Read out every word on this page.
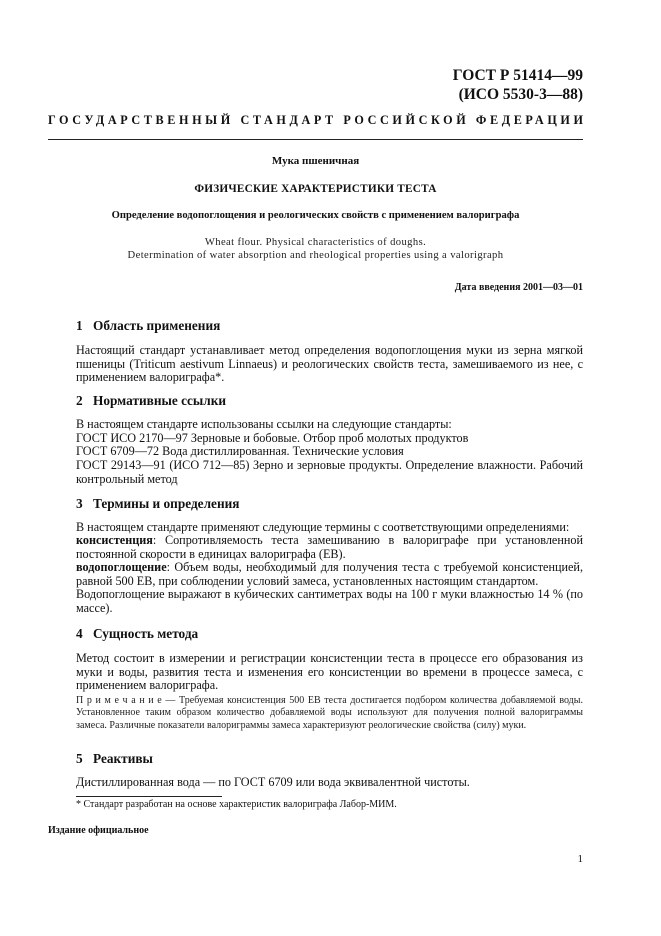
ГОСТ Р 51414—99
(ИСО 5530-3—88)
ГОСУДАРСТВЕННЫЙ СТАНДАРТ РОССИЙСКОЙ ФЕДЕРАЦИИ
Мука пшеничная
ФИЗИЧЕСКИЕ ХАРАКТЕРИСТИКИ ТЕСТА
Определение водопоглощения и реологических свойств с применением валориграфа
Wheat flour. Physical characteristics of doughs.
Determination of water absorption and rheological properties using a valorigraph
Дата введения 2001—03—01
1 Область применения
Настоящий стандарт устанавливает метод определения водопоглощения муки из зерна мягкой пшеницы (Triticum aestivum Linnaeus) и реологических свойств теста, замешиваемого из нее, с применением валориграфа*.
2 Нормативные ссылки
В настоящем стандарте использованы ссылки на следующие стандарты:
ГОСТ ИСО 2170—97 Зерновые и бобовые. Отбор проб молотых продуктов
ГОСТ 6709—72 Вода дистиллированная. Технические условия
ГОСТ 29143—91 (ИСО 712—85) Зерно и зерновые продукты. Определение влажности. Рабочий контрольный метод
3 Термины и определения
В настоящем стандарте применяют следующие термины с соответствующими определениями:
консистенция: Сопротивляемость теста замешиванию в валориграфе при установленной постоянной скорости в единицах валориграфа (ЕВ).
водопоглощение: Объем воды, необходимый для получения теста с требуемой консистенцией, равной 500 ЕВ, при соблюдении условий замеса, установленных настоящим стандартом.
Водопоглощение выражают в кубических сантиметрах воды на 100 г муки влажностью 14 % (по массе).
4 Сущность метода
Метод состоит в измерении и регистрации консистенции теста в процессе его образования из муки и воды, развития теста и изменения его консистенции во времени в процессе замеса, с применением валориграфа.
П р и м е ч а н и е — Требуемая консистенция 500 ЕВ теста достигается подбором количества добавляемой воды. Установленное таким образом количество добавляемой воды используют для получения полной валориграммы замеса. Различные показатели валориграммы замеса характеризуют реологические свойства (силу) муки.
5 Реактивы
Дистиллированная вода — по ГОСТ 6709 или вода эквивалентной чистоты.
* Стандарт разработан на основе характеристик валориграфа Лабор-МИМ.
Издание официальное
1
